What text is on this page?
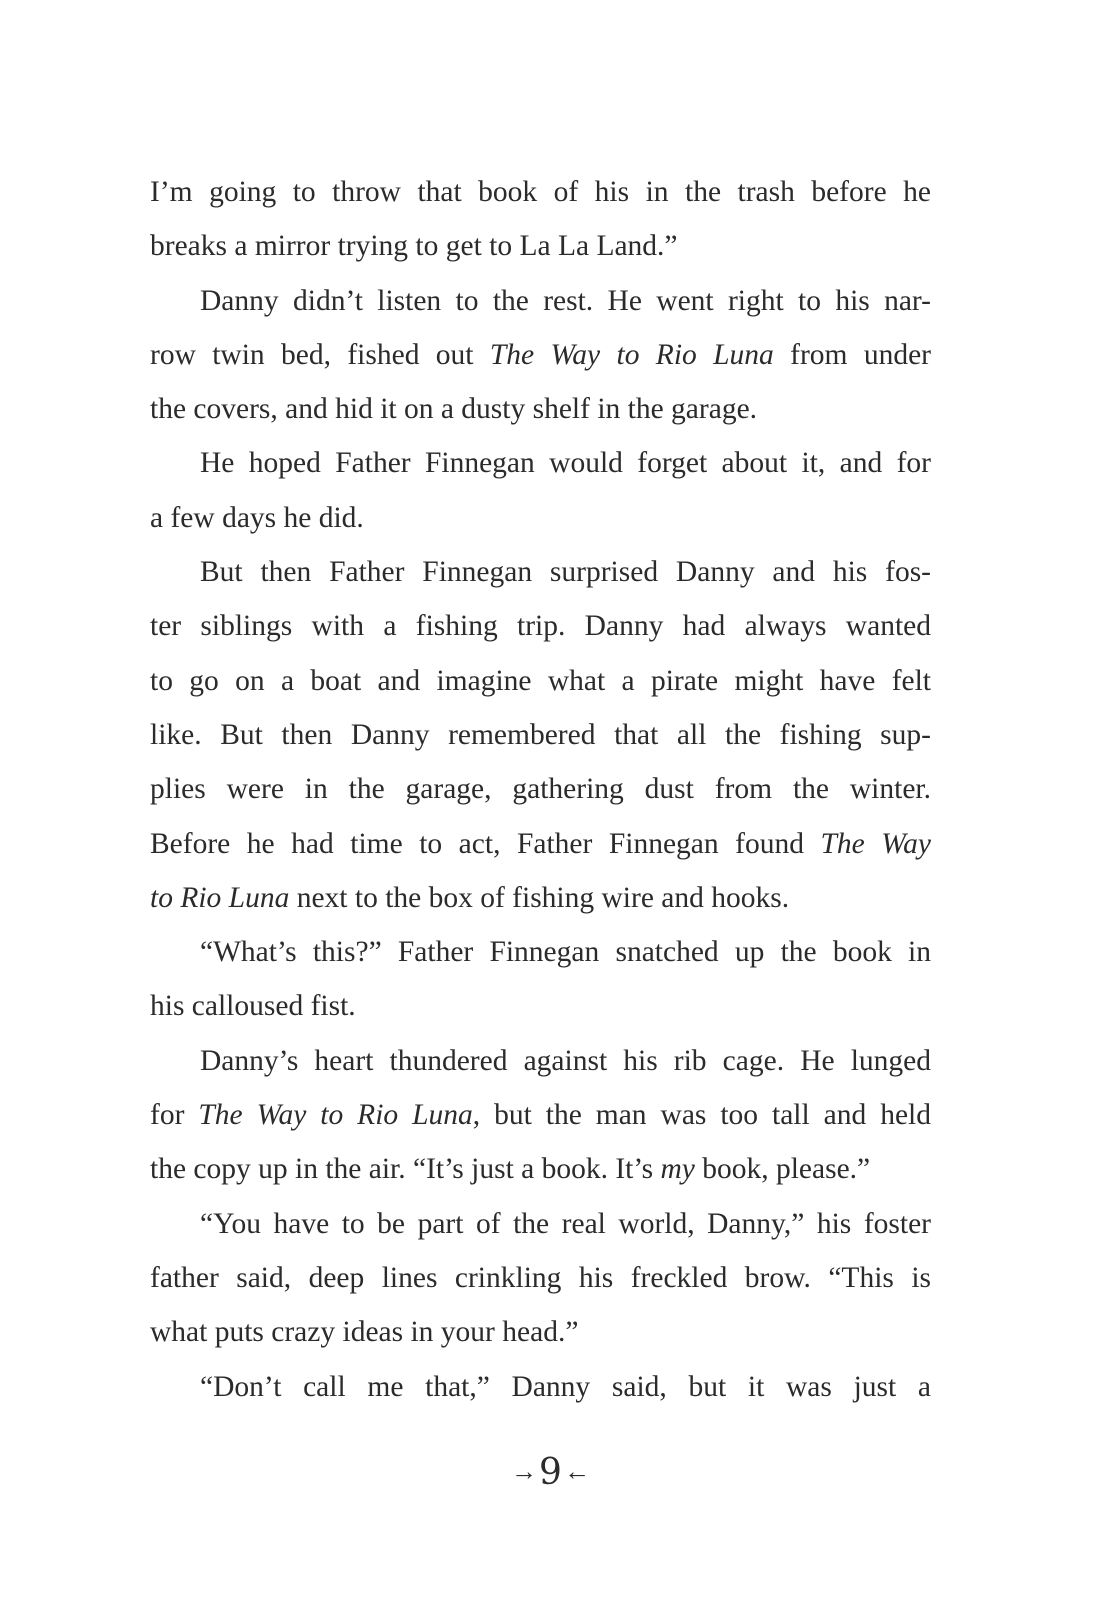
I’m going to throw that book of his in the trash before he
breaks a mirror trying to get to La La Land.”
Danny didn’t listen to the rest. He went right to his nar-
row twin bed, fished out The Way to Rio Luna from under
the covers, and hid it on a dusty shelf in the garage.
He hoped Father Finnegan would forget about it, and for
a few days he did.
But then Father Finnegan surprised Danny and his fos-
ter siblings with a fishing trip. Danny had always wanted
to go on a boat and imagine what a pirate might have felt
like. But then Danny remembered that all the fishing sup-
plies were in the garage, gathering dust from the winter.
Before he had time to act, Father Finnegan found The Way
to Rio Luna next to the box of fishing wire and hooks.
“What’s this?” Father Finnegan snatched up the book in
his calloused fist.
Danny’s heart thundered against his rib cage. He lunged
for The Way to Rio Luna, but the man was too tall and held
the copy up in the air. “It’s just a book. It’s my book, please.”
“You have to be part of the real world, Danny,” his foster
father said, deep lines crinkling his freckled brow. “This is
what puts crazy ideas in your head.”
“Don’t call me that,” Danny said, but it was just a
→9←
